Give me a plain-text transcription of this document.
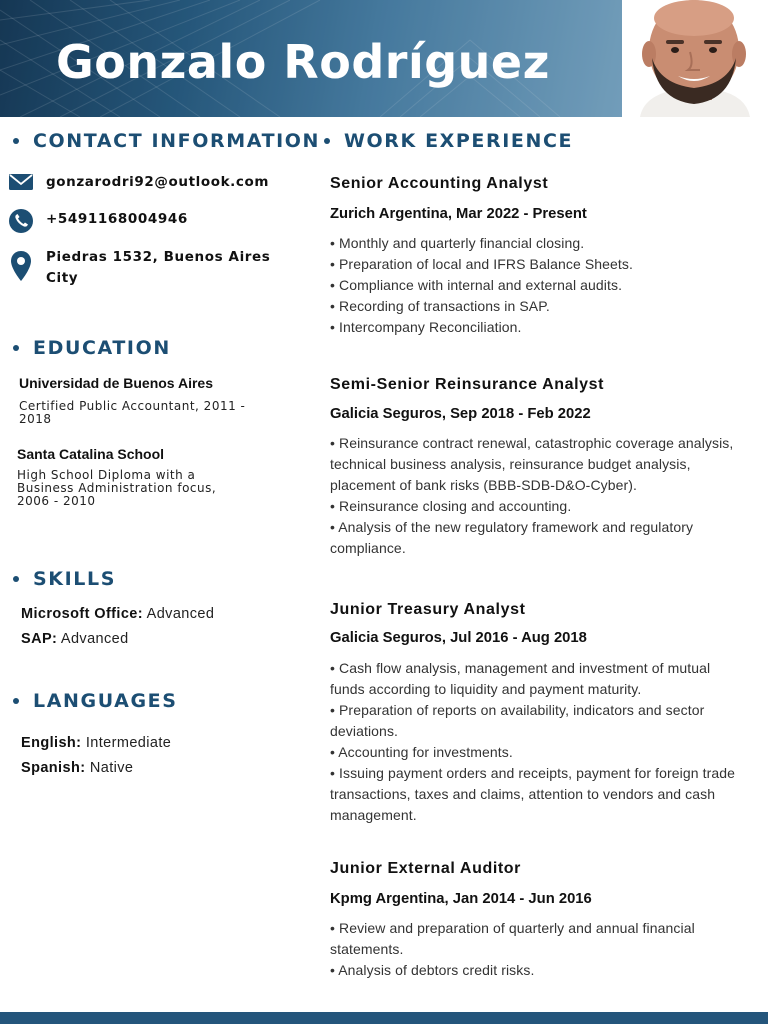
Gonzalo Rodríguez
CONTACT INFORMATION
gonzarodri92@outlook.com
+5491168004946
Piedras 1532, Buenos Aires City
EDUCATION
Universidad de Buenos Aires
Certified Public Accountant, 2011 - 2018
Santa Catalina School
High School Diploma with a Business Administration focus, 2006 - 2010
SKILLS
Microsoft Office: Advanced
SAP: Advanced
LANGUAGES
English: Intermediate
Spanish: Native
WORK EXPERIENCE
Senior Accounting Analyst
Zurich Argentina, Mar 2022 - Present
• Monthly and quarterly financial closing.
• Preparation of local and IFRS Balance Sheets.
• Compliance with internal and external audits.
• Recording of transactions in SAP.
• Intercompany Reconciliation.
Semi-Senior Reinsurance Analyst
Galicia Seguros, Sep 2018 - Feb 2022
• Reinsurance contract renewal, catastrophic coverage analysis, technical business analysis, reinsurance budget analysis, placement of bank risks (BBB-SDB-D&O-Cyber).
• Reinsurance closing and accounting.
• Analysis of the new regulatory framework and regulatory compliance.
Junior Treasury Analyst
Galicia Seguros, Jul 2016 - Aug 2018
• Cash flow analysis, management and investment of mutual funds according to liquidity and payment maturity.
• Preparation of reports on availability, indicators and sector deviations.
• Accounting for investments.
• Issuing payment orders and receipts, payment for foreign trade transactions, taxes and claims, attention to vendors and cash management.
Junior External Auditor
Kpmg Argentina, Jan 2014 - Jun 2016
• Review and preparation of quarterly and annual financial statements.
• Analysis of debtors credit risks.
